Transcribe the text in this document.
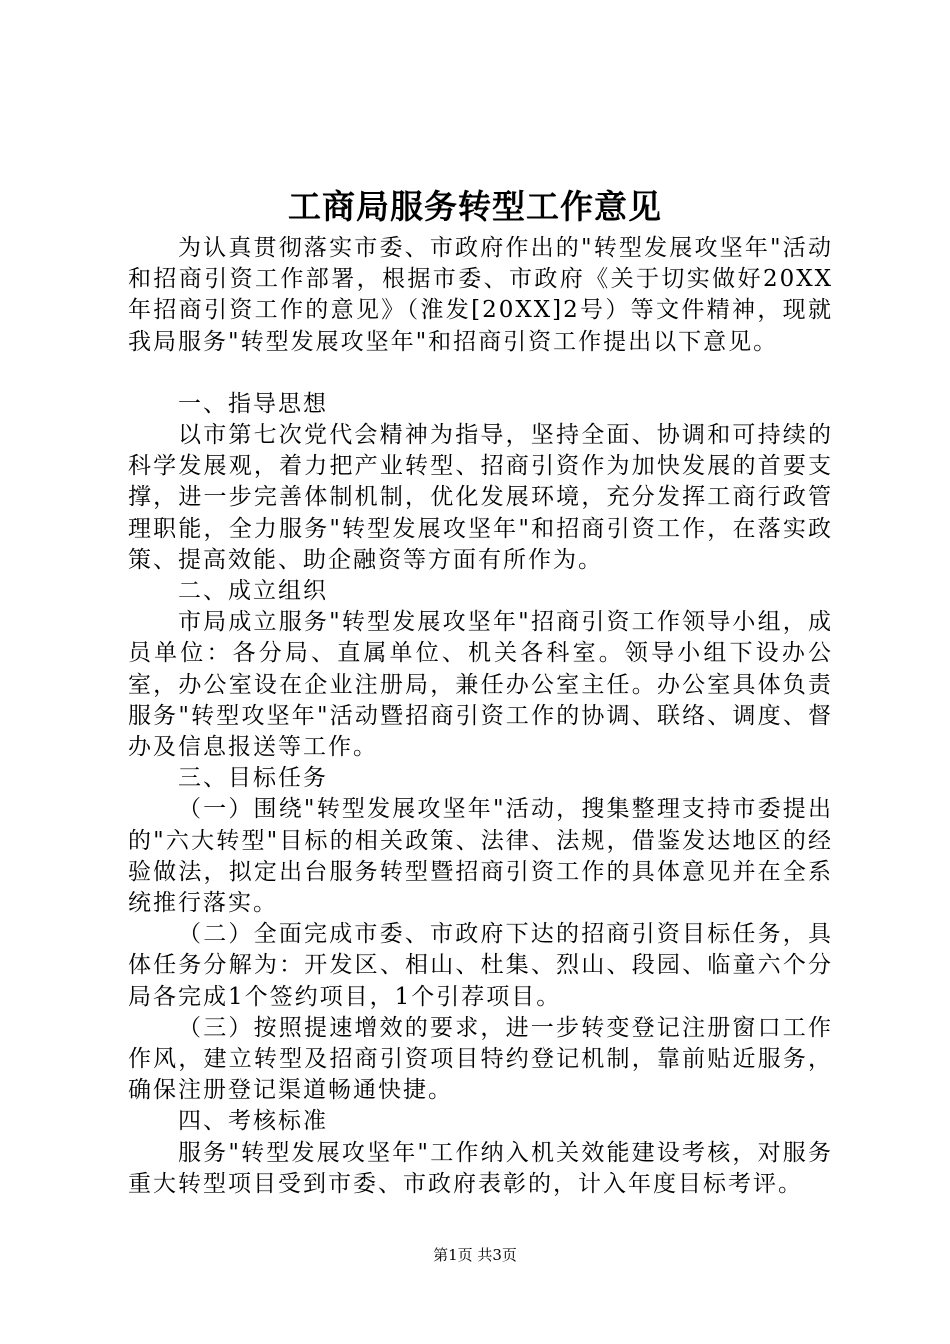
工商局服务转型工作意见

为认真贯彻落实市委、市政府作出的"转型发展攻坚年"活动和招商引资工作部署，根据市委、市政府《关于切实做好20XX年招商引资工作的意见》（淮发[20XX]2号）等文件精神，现就我局服务"转型发展攻坚年"和招商引资工作提出以下意见。

一、指导思想

以市第七次党代会精神为指导，坚持全面、协调和可持续的科学发展观，着力把产业转型、招商引资作为加快发展的首要支撑，进一步完善体制机制，优化发展环境，充分发挥工商行政管理职能，全力服务"转型发展攻坚年"和招商引资工作，在落实政策、提高效能、助企融资等方面有所作为。

二、成立组织

市局成立服务"转型发展攻坚年"招商引资工作领导小组，成员单位：各分局、直属单位、机关各科室。领导小组下设办公室，办公室设在企业注册局，兼任办公室主任。办公室具体负责服务"转型攻坚年"活动暨招商引资工作的协调、联络、调度、督办及信息报送等工作。

三、目标任务

（一）围绕"转型发展攻坚年"活动，搜集整理支持市委提出的"六大转型"目标的相关政策、法律、法规，借鉴发达地区的经验做法，拟定出台服务转型暨招商引资工作的具体意见并在全系统推行落实。

（二）全面完成市委、市政府下达的招商引资目标任务，具体任务分解为：开发区、相山、杜集、烈山、段园、临童六个分局各完成1个签约项目，1个引荐项目。

（三）按照提速增效的要求，进一步转变登记注册窗口工作作风，建立转型及招商引资项目特约登记机制，靠前贴近服务，确保注册登记渠道畅通快捷。

四、考核标准

服务"转型发展攻坚年"工作纳入机关效能建设考核，对服务重大转型项目受到市委、市政府表彰的，计入年度目标考评。

第1页 共3页
